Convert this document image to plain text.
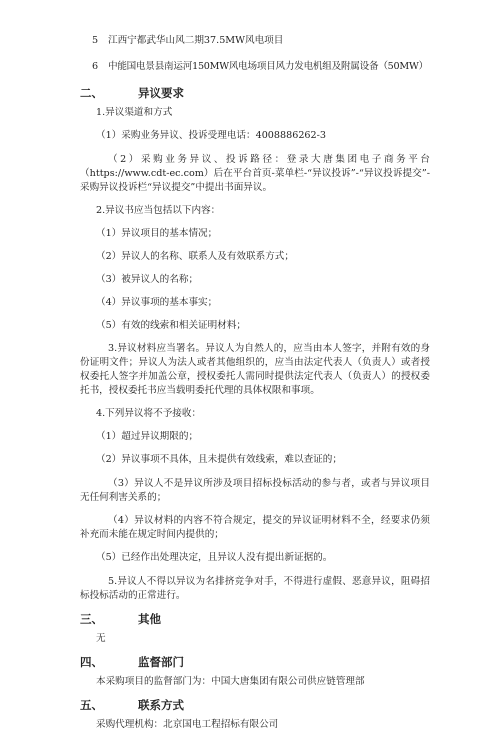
5 江西宁都武华山风二期37.5MW风电项目

6 中能国电景县南运河150MW风电场项目风力发电机组及附属设备（50MW）

二、	异议要求

1.异议渠道和方式

（1）采购业务异议、投诉受理电话：4008886262-3

（2）采购业务异议、投诉路径：登录大唐集团电子商务平台（https://www.cdt-ec.com）后在平台首页-菜单栏-“异议投诉”-“异议投诉提交”-采购异议投诉栏“异议提交”中提出书面异议。

2.异议书应当包括以下内容：

（1）异议项目的基本情况；

（2）异议人的名称、联系人及有效联系方式；

（3）被异议人的名称；

（4）异议事项的基本事实；

（5）有效的线索和相关证明材料；

3.异议材料应当署名。异议人为自然人的，应当由本人签字，并附有效的身份证明文件；异议人为法人或者其他组织的，应当由法定代表人（负责人）或者授权委托人签字并加盖公章，授权委托人需同时提供法定代表人（负责人）的授权委托书，授权委托书应当载明委托代理的具体权限和事项。

4.下列异议将不予接收：

（1）超过异议期限的；

（2）异议事项不具体，且未提供有效线索，难以查证的；

（3）异议人不是异议所涉及项目招标投标活动的参与者，或者与异议项目无任何利害关系的；

（4）异议材料的内容不符合规定，提交的异议证明材料不全，经要求仍须补充而未能在规定时间内提供的；

（5）已经作出处理决定，且异议人没有提出新证据的。

5.异议人不得以异议为名排挤竞争对手，不得进行虚假、恶意异议，阻碍招标投标活动的正常进行。

三、	其他

无

四、	监督部门

本采购项目的监督部门为：中国大唐集团有限公司供应链管理部

五、	联系方式

采购代理机构：北京国电工程招标有限公司
